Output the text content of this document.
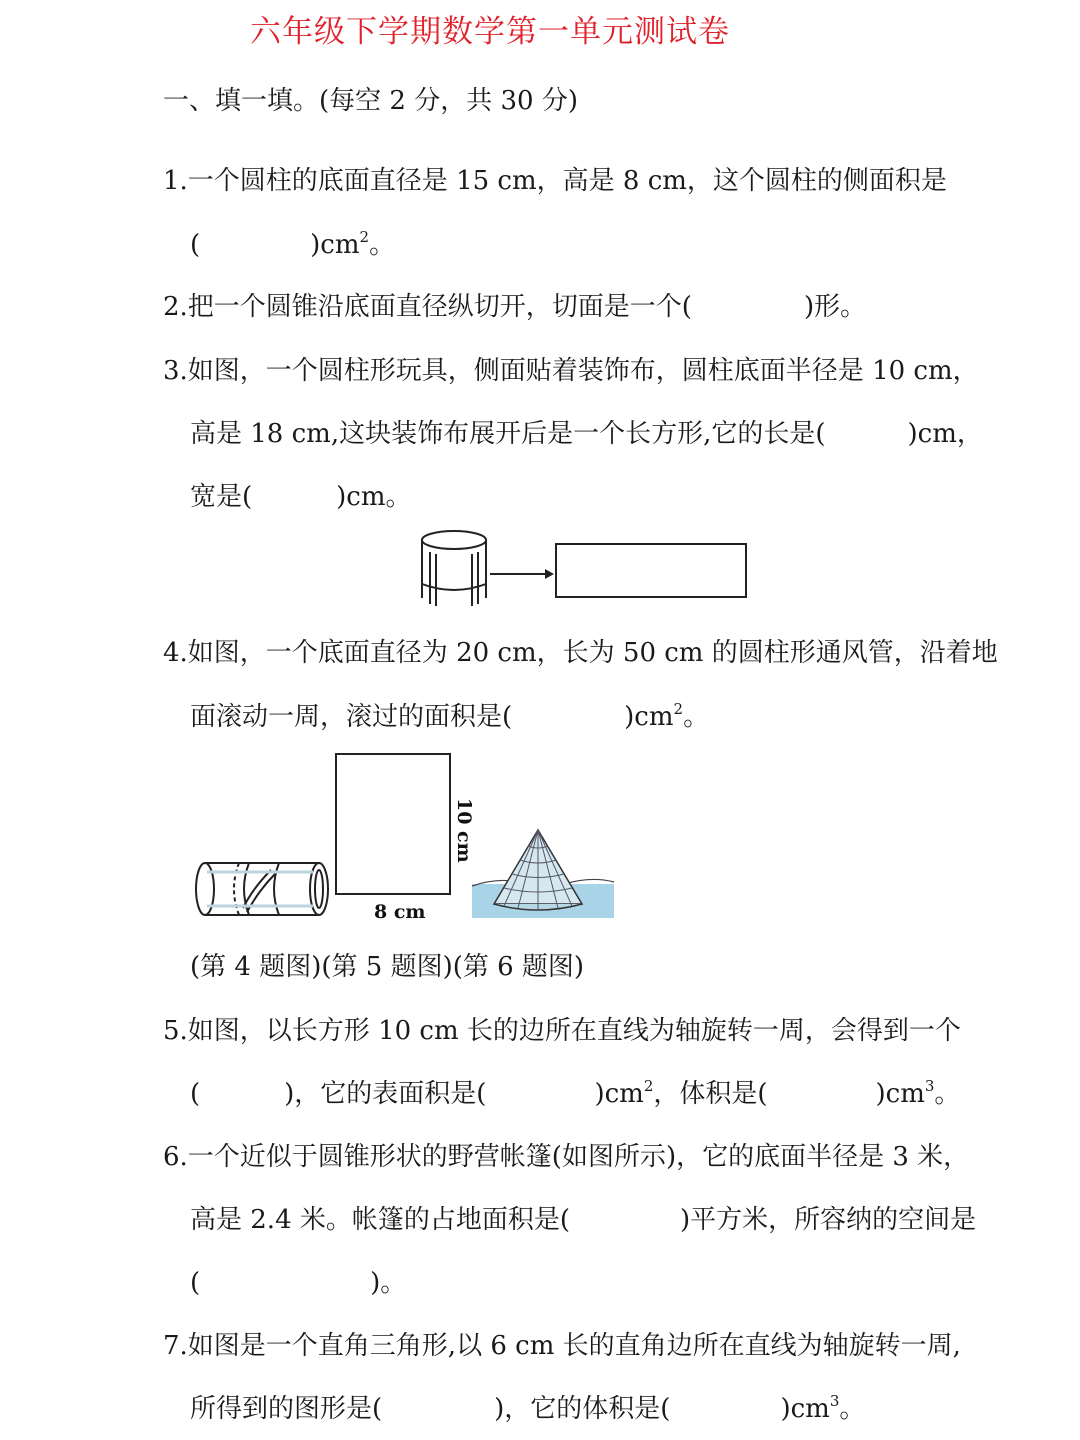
六年级下学期数学第一单元测试卷
一、填一填。(每空 2 分，共 30 分)
1.一个圆柱的底面直径是 15 cm，高是 8 cm，这个圆柱的侧面积是
(	)$cm^2$。
2.把一个圆锥沿底面直径纵切开，切面是一个(	)形。
3.如图，一个圆柱形玩具，侧面贴着装饰布，圆柱底面半径是 10 cm，
高是 18 cm,这块装饰布展开后是一个长方形,它的长是(	)cm，
宽是(	)cm。
4.如图，一个底面直径为 20 cm，长为 50 cm 的圆柱形通风管，沿着地
面滚动一周，滚过的面积是(	)$cm^2$。
10 cm
8 cm
(第 4 题图)(第 5 题图)(第 6 题图)
5.如图，以长方形 10 cm 长的边所在直线为轴旋转一周，会得到一个
(	)，它的表面积是(	)$cm^2$，体积是(	)$cm^3$。
6.一个近似于圆锥形状的野营帐篷(如图所示)，它的底面半径是 3 米，
高是 2.4 米。帐篷的占地面积是(	)平方米，所容纳的空间是
(	)。
7.如图是一个直角三角形,以 6 cm 长的直角边所在直线为轴旋转一周,
所得到的图形是(	)，它的体积是(	)$cm^3$。
